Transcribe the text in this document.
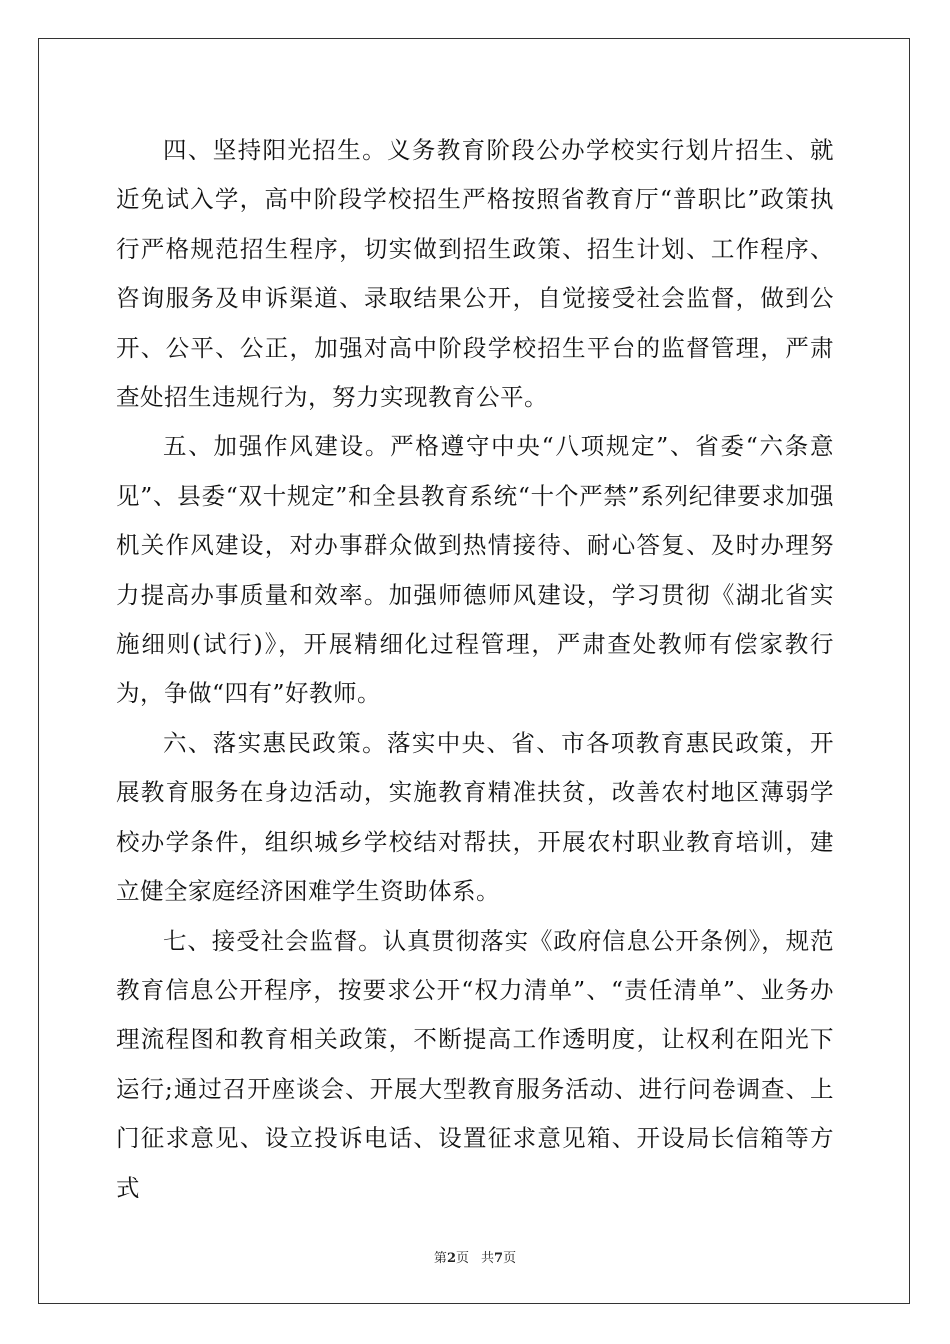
四、坚持阳光招生。义务教育阶段公办学校实行划片招生、就近免试入学，高中阶段学校招生严格按照省教育厅“普职比”政策执行严格规范招生程序，切实做到招生政策、招生计划、工作程序、咨询服务及申诉渠道、录取结果公开，自觉接受社会监督，做到公开、公平、公正，加强对高中阶段学校招生平台的监督管理，严肃查处招生违规行为，努力实现教育公平。

五、加强作风建设。严格遵守中央“八项规定”、省委“六条意见”、县委“双十规定”和全县教育系统“十个严禁”系列纪律要求加强机关作风建设，对办事群众做到热情接待、耐心答复、及时办理努力提高办事质量和效率。加强师德师风建设，学习贯彻《湖北省实施细则(试行)》，开展精细化过程管理，严肃查处教师有偿家教行为，争做“四有”好教师。

六、落实惠民政策。落实中央、省、市各项教育惠民政策，开展教育服务在身边活动，实施教育精准扶贫，改善农村地区薄弱学校办学条件，组织城乡学校结对帮扶，开展农村职业教育培训，建立健全家庭经济困难学生资助体系。

七、接受社会监督。认真贯彻落实《政府信息公开条例》，规范教育信息公开程序，按要求公开“权力清单”、“责任清单”、业务办理流程图和教育相关政策，不断提高工作透明度，让权利在阳光下运行;通过召开座谈会、开展大型教育服务活动、进行问卷调查、上门征求意见、设立投诉电话、设置征求意见箱、开设局长信箱等方式

第2页 共7页
